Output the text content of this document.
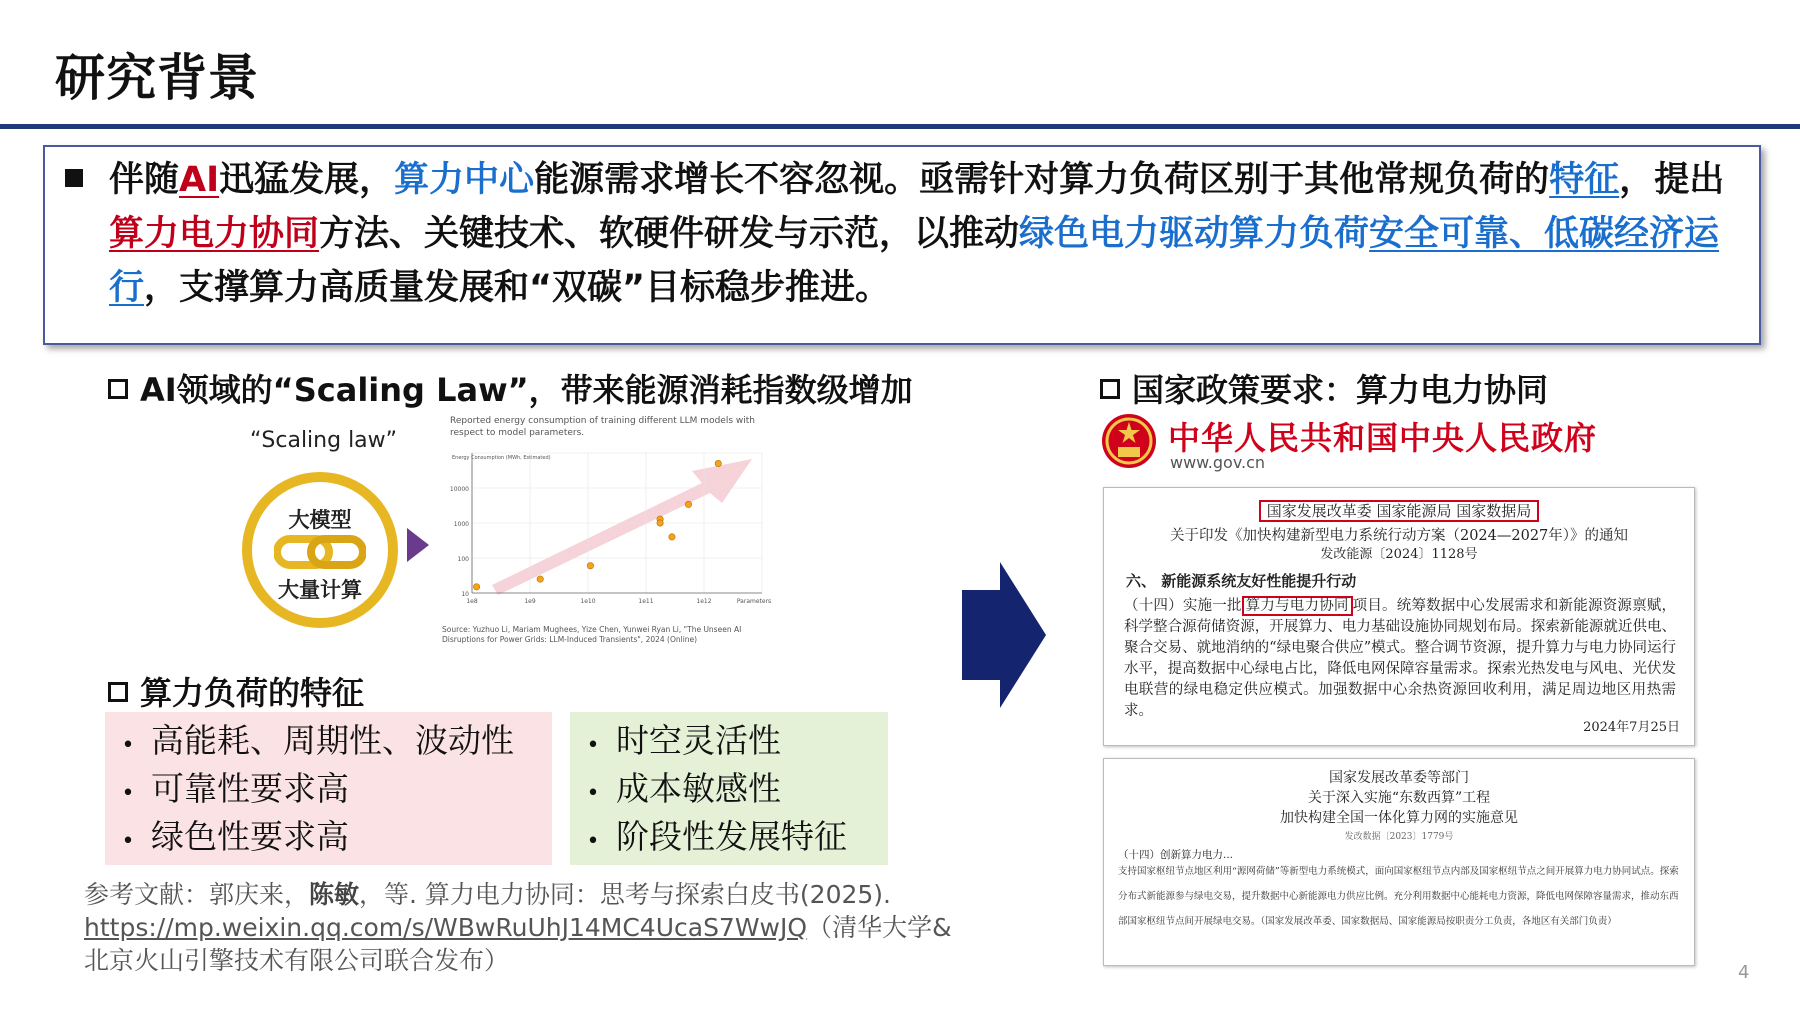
研究背景
伴随AI迅猛发展，算力中心能源需求增长不容忽视。亟需针对算力负荷区别于其他常规负荷的特征，提出算力电力协同方法、关键技术、软硬件研发与示范，以推动绿色电力驱动算力负荷安全可靠、低碳经济运行，支撑算力高质量发展和“双碳”目标稳步推进。
AI领域的“Scaling Law”，带来能源消耗指数级增加
“Scaling law”
大模型
大量计算
Reported energy consumption of training different LLM models with respect to model parameters.
10000
1000
100
10
1e8	1e9	1e10	1e11	1e12	Parameters
Energy Consumption (MWh, Estimated)
Source: Yuzhuo Li, Mariam Mughees, Yize Chen, Yunwei Ryan Li, "The Unseen AI Disruptions for Power Grids: LLM-Induced Transients", 2024 (Online)
算力负荷的特征
• 高能耗、周期性、波动性
• 可靠性要求高
• 绿色性要求高
• 时空灵活性
• 成本敏感性
• 阶段性发展特征
参考文献：郭庆来，陈敏，等. 算力电力协同：思考与探索白皮书(2025).
https://mp.weixin.qq.com/s/WBwRuUhJ14MC4UcaS7WwJQ（清华大学&
北京火山引擎技术有限公司联合发布）
国家政策要求：算力电力协同
中华人民共和国中央人民政府
www.gov.cn
国家发展改革委 国家能源局 国家数据局
关于印发《加快构建新型电力系统行动方案（2024—2027年）》的通知
发改能源〔2024〕1128号
六、 新能源系统友好性能提升行动
（十四）实施一批 算力与电力协同 项目。统筹数据中心发展需求和新能源资源禀赋，科学整合源荷储资源，开展算力、电力基础设施协同规划布局。探索新能源就近供电、聚合交易、就地消纳的“绿电聚合供应”模式。整合调节资源，提升算力与电力协同运行水平，提高数据中心绿电占比，降低电网保障容量需求。探索光热发电与风电、光伏发电联营的绿电稳定供应模式。加强数据中心余热资源回收利用，满足周边地区用热需求。
2024年7月25日
国家发展改革委等部门
关于深入实施“东数西算”工程
加快构建全国一体化算力网的实施意见
发改数据〔2023〕1779号
（十四）创新算力电力...
支持国家枢纽节点地区利用“源网荷储”等新型电力系统模式，面向国家枢纽节点内部及国家枢纽节点之间开展算力电力协同试点。探索分布式新能源参与绿电交易，提升数据中心新能源电力供应比例。充分利用数据中心能耗电力资源，降低电网保障容量需求，推动东西部国家枢纽节点间开展绿电交易。（国家发展改革委、国家数据局、国家能源局按职责分工负责，各地区有关部门负责）
4
